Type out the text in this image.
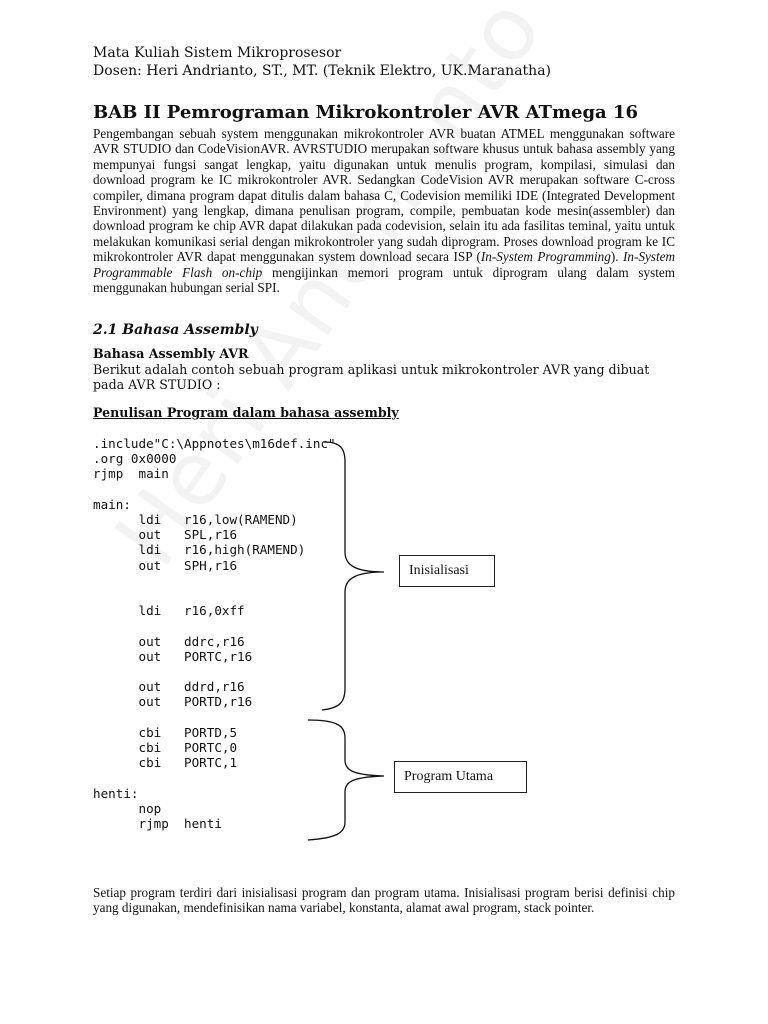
Mata Kuliah Sistem Mikroprosesor
Dosen: Heri Andrianto, ST., MT. (Teknik Elektro, UK.Maranatha)
BAB II Pemrograman Mikrokontroler AVR ATmega 16

Pengembangan sebuah system menggunakan mikrokontroler AVR buatan ATMEL menggunakan software AVR STUDIO dan CodeVisionAVR. AVRSTUDIO merupakan software khusus untuk bahasa assembly yang mempunyai fungsi sangat lengkap, yaitu digunakan untuk menulis program, kompilasi, simulasi dan download program ke IC mikrokontroler AVR. Sedangkan CodeVision AVR merupakan software C-cross compiler, dimana program dapat ditulis dalam bahasa C, Codevision memiliki IDE (Integrated Development Environment) yang lengkap, dimana penulisan program, compile, pembuatan kode mesin(assembler) dan download program ke chip AVR dapat dilakukan pada codevision, selain itu ada fasilitas teminal, yaitu untuk melakukan komunikasi serial dengan mikrokontroler yang sudah diprogram. Proses download program ke IC mikrokontroler AVR dapat menggunakan system download secara ISP (In-System Programming). In-System Programmable Flash on-chip mengijinkan memori program untuk diprogram ulang dalam system menggunakan hubungan serial SPI.

2.1 Bahasa Assembly
Bahasa Assembly AVR

Berikut adalah contoh sebuah program aplikasi untuk mikrokontroler AVR yang dibuat pada AVR STUDIO :

Penulisan Program dalam bahasa assembly
.include"C:\Appnotes\m16def.inc"
.org 0x0000
rjmp  main

main:
ldi   r16,low(RAMEND)
out   SPL,r16
ldi   r16,high(RAMEND)
out   SPH,r16

ldi   r16,0xff

out   ddrc,r16
out   PORTC,r16

out   ddrd,r16
out   PORTD,r16

cbi   PORTD,5
cbi   PORTC,0
cbi   PORTC,1

henti:
nop
rjmp  henti
Inisialisasi
Program Utama

Setiap program terdiri dari inisialisasi program dan program utama. Inisialisasi program berisi definisi chip yang digunakan, mendefinisikan nama variabel, konstanta, alamat awal program, stack pointer.
